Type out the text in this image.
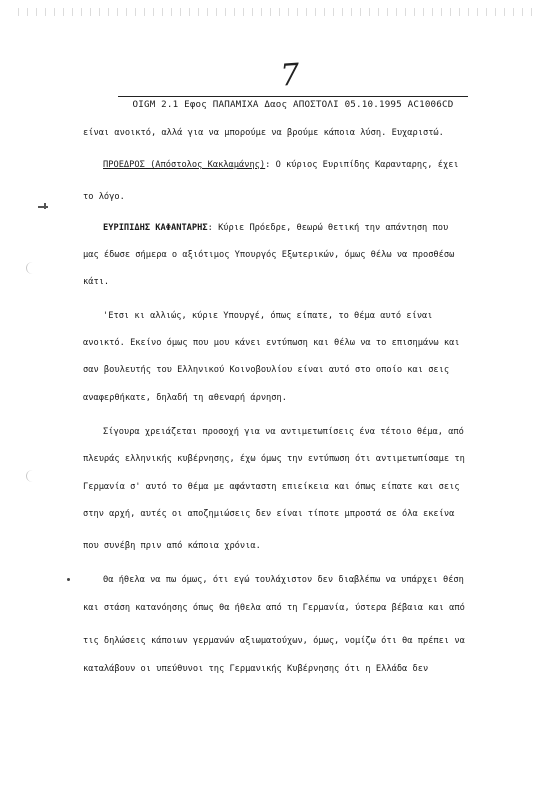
7
OIGM 2.1 Εφος ΠΑΠΑΜΙΧΑ Δαος ΑΠΟΣΤΟΛΙ 05.10.1995 AC1006CD
είναι ανοικτό, αλλά για να μπορούμε να βρούμε κάποια λύση. Ευχαριστώ.
ΠΡΟΕΔΡΟΣ (Απόστολος Κακλαμάνης): Ο κύριος Ευριπίδης Καρανταρης, έχει
το λόγο.
ΕΥΡΙΠΙΔΗΣ ΚΑΦΑΝΤΑΡΗΣ: Κύριε Πρόεδρε, θεωρώ θετική την απάντηση που
μας έδωσε σήμερα ο αξιότιμος Υπουργός Εξωτερικών, όμως θέλω να προσθέσω
κάτι.
'Ετσι κι αλλιώς, κύριε Υπουργέ, όπως είπατε, το θέμα αυτό είναι
ανοικτό. Εκείνο όμως που μου κάνει εντύπωση και θέλω να το επισημάνω και
σαν βουλευτής του Ελληνικού Κοινοβουλίου είναι αυτό στο οποίο και σεις
αναφερθήκατε, δηλαδή τη αθεναρή άρνηση.
Σίγουρα χρειάζεται προσοχή για να αντιμετωπίσεις ένα τέτοιο θέμα, από
πλευράς ελληνικής κυβέρνησης, έχω όμως την εντύπωση ότι αντιμετωπίσαμε τη
Γερμανία σ' αυτό το θέμα με αφάνταστη επιείκεια και όπως είπατε και σεις
στην αρχή, αυτές οι αποζημιώσεις δεν είναι τίποτε μπροστά σε όλα εκείνα
που συνέβη πριν από κάποια χρόνια.
Θα ήθελα να πω όμως, ότι εγώ τουλάχιστον δεν διαβλέπω να υπάρχει θέση
και στάση κατανόησης όπως θα ήθελα από τη Γερμανία, ύστερα βέβαια και από
τις δηλώσεις κάποιων γερμανών αξιωματούχων, όμως, νομίζω ότι θα πρέπει να
καταλάβουν οι υπεύθυνοι της Γερμανικής Κυβέρνησης ότι η Ελλάδα δεν
